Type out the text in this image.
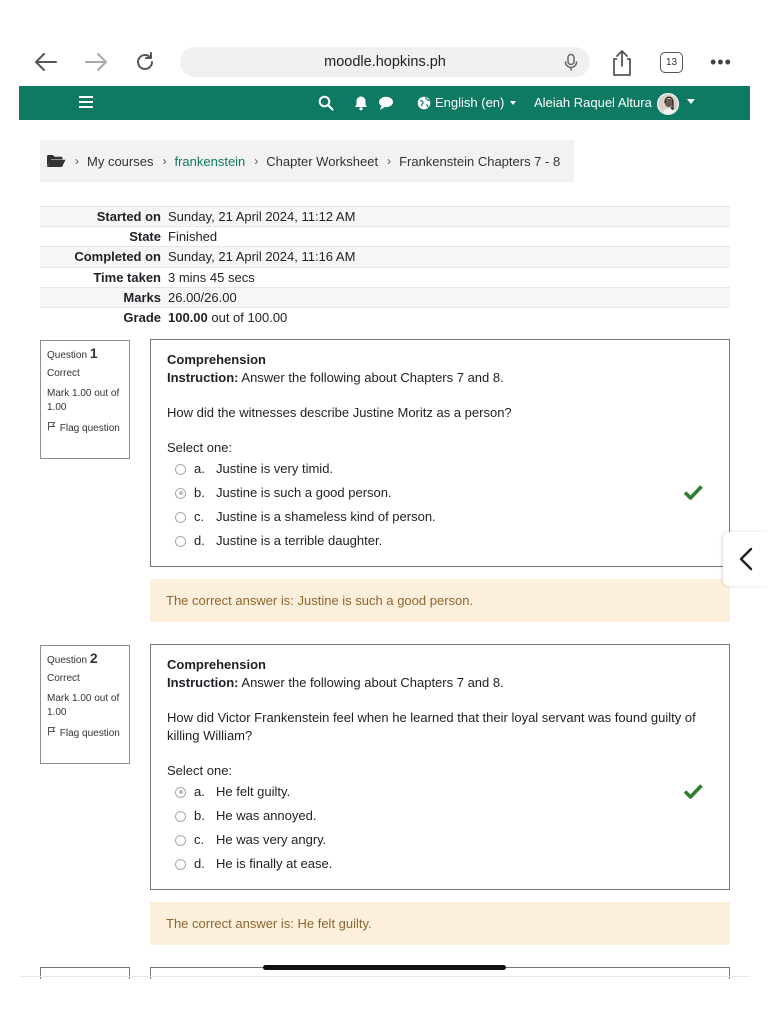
moodle.hopkins.ph	13	•••
English (en) Aleiah Raquel Altura
› My courses › frankenstein › Chapter Worksheet › Frankenstein Chapters 7 - 8
Started on Sunday, 21 April 2024, 11:12 AM
State Finished
Completed on Sunday, 21 April 2024, 11:16 AM
Time taken 3 mins 45 secs
Marks 26.00/26.00
Grade 100.00 out of 100.00
Question 1
Correct
Mark 1.00 out of 1.00
Flag question
Comprehension
Instruction: Answer the following about Chapters 7 and 8.
How did the witnesses describe Justine Moritz as a person?
Select one:
a. Justine is very timid.
b. Justine is such a good person.
c. Justine is a shameless kind of person.
d. Justine is a terrible daughter.
The correct answer is: Justine is such a good person.
Question 2
Correct
Mark 1.00 out of 1.00
Flag question
Comprehension
Instruction: Answer the following about Chapters 7 and 8.
How did Victor Frankenstein feel when he learned that their loyal servant was found guilty of killing William?
Select one:
a. He felt guilty.
b. He was annoyed.
c. He was very angry.
d. He is finally at ease.
The correct answer is: He felt guilty.
